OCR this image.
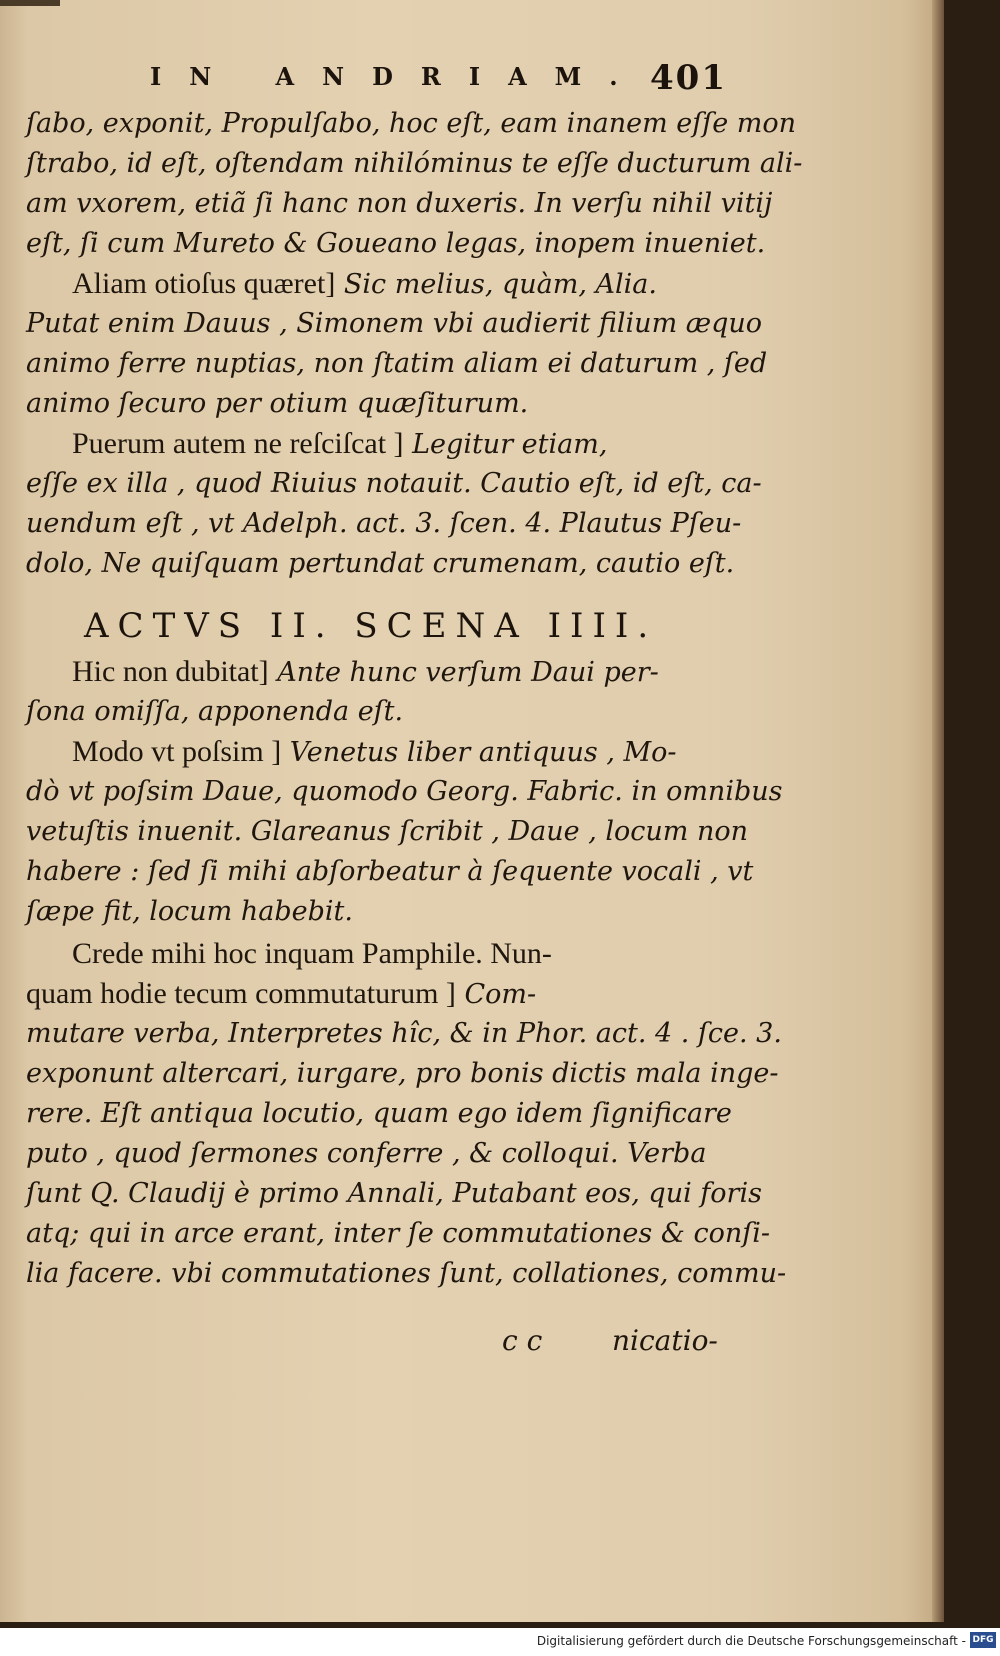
IN ANDRIAM. 401
ſabo, exponit, Propulſabo, hoc eſt, eam inanem eſſe mon
ſtrabo, id eſt, oſtendam nihilóminus te eſſe ducturum ali-
am vxorem, etiã ſi hanc non duxeris. In verſu nihil vitij
eſt, ſi cum Mureto & Goueano legas, inopem inueniet.
Aliam otioſus quæret] Sic melius, quàm, Alia.
Putat enim Dauus , Simonem vbi audierit filium æquo
animo ferre nuptias, non ſtatim aliam ei daturum , ſed
animo ſecuro per otium quæſiturum.
Puerum autem ne reſciſcat ] Legitur etiam,
eſſe ex illa , quod Riuius notauit. Cautio eſt, id eſt, ca-
uendum eſt , vt Adelph. act. 3. ſcen. 4. Plautus Pſeu-
dolo, Ne quiſquam pertundat crumenam, cautio eſt.
Hic non dubitat] Ante hunc verſum Daui per-
ſona omiſſa, apponenda eſt.
Modo vt poſsim ] Venetus liber antiquus , Mo-
dò vt poſsim Daue, quomodo Georg. Fabric. in omnibus
vetuſtis inuenit. Glareanus ſcribit , Daue , locum non
habere : ſed ſi mihi abſorbeatur à ſequente vocali , vt
ſæpe fit, locum habebit.
Crede mihi hoc inquam Pamphile. Nun-
quam hodie tecum commutaturum ] Com-
mutare verba, Interpretes hîc, & in Phor. act. 4 . ſce. 3.
exponunt altercari, iurgare, pro bonis dictis mala inge-
rere. Eſt antiqua locutio, quam ego idem ſignificare
puto , quod ſermones conferre , & colloqui. Verba
ſunt Q. Claudij è primo Annali, Putabant eos, qui foris
atq; qui in arce erant, inter ſe commutationes & conſi-
lia facere. vbi commutationes ſunt, collationes, commu-
ACTVS II. SCENA IIII.
c c nicatio-
Digitalisierung gefördert durch die Deutsche Forschungsgemeinschaft - DFG
